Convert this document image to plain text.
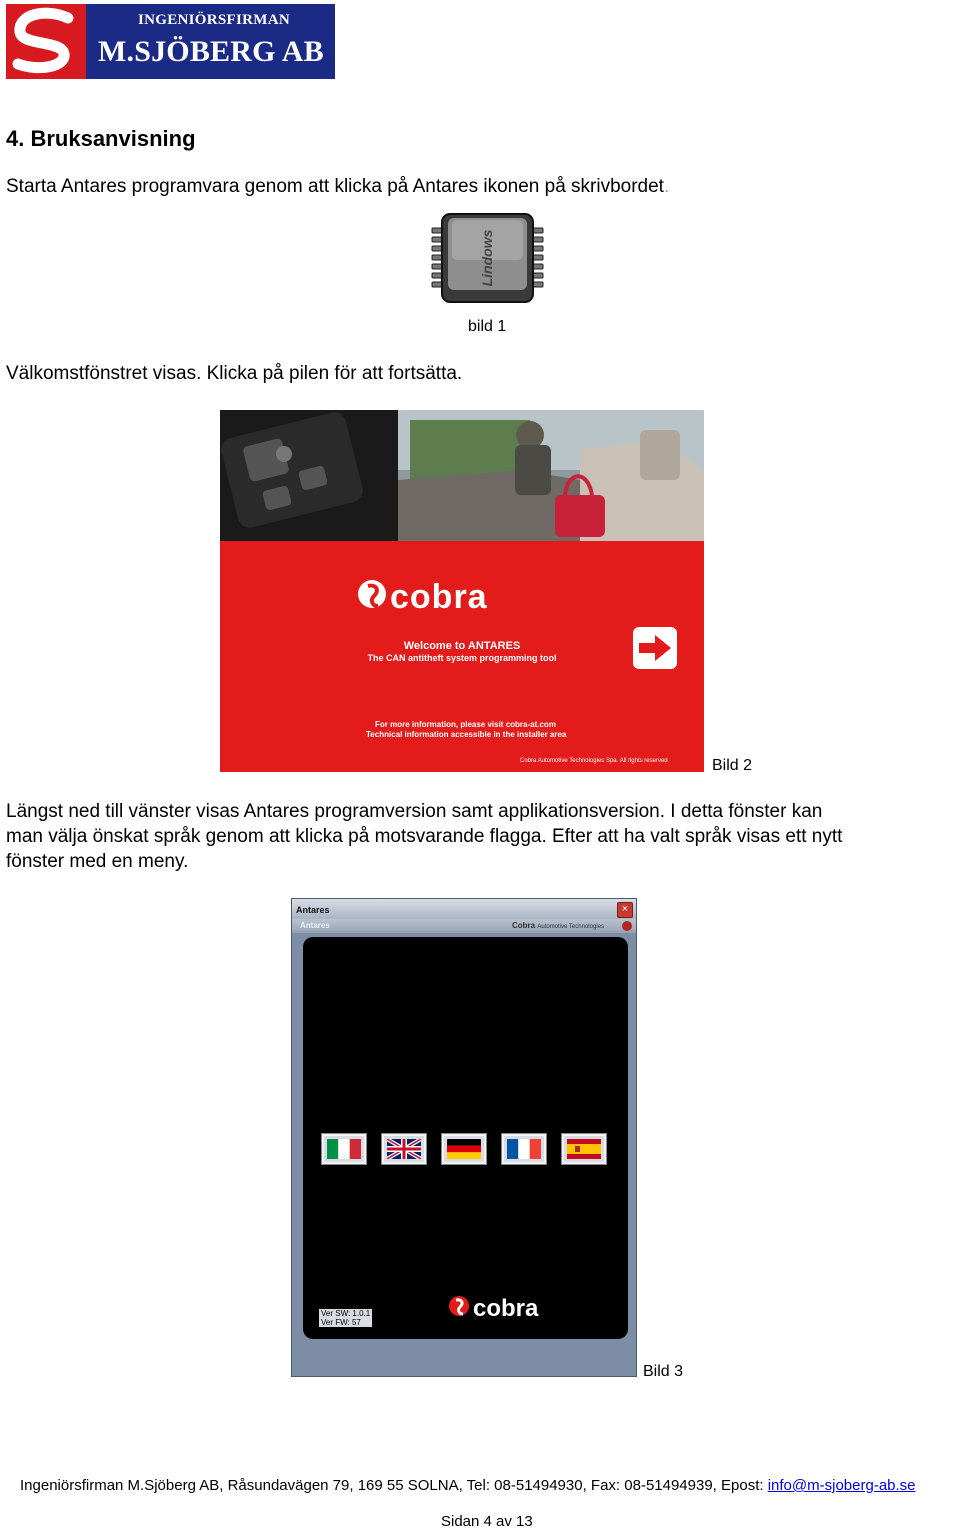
INGENIÖRSFIRMAN
M.SJÖBERG AB
4. Bruksanvisning
Starta Antares programvara genom att klicka på Antares ikonen på skrivbordet.
Lindows
bild 1
Välkomstfönstret visas. Klicka på pilen för att fortsätta.
cobra
Welcome to ANTARES
The CAN antitheft system programming tool
For more information, please visit cobra-at.com
Technical information accessible in the installer area
Cobra Automotive Technologies Spa. All rights reserved	Bild 2
Längst ned till vänster visas Antares programversion samt applikationsversion. I detta fönster kan
man välja önskat språk genom att klicka på motsvarande flagga. Efter att ha valt språk visas ett nytt
fönster med en meny.
Antares	×
Antares	Cobra Automotive Technologies
Ver SW: 1.0.1
Ver FW: 57
cobra
Bild 3
Ingeniörsfirman M.Sjöberg AB, Råsundavägen 79, 169 55 SOLNA, Tel: 08-51494930, Fax: 08-51494939, Epost: info@m-sjoberg-ab.se
Sidan 4 av 13
